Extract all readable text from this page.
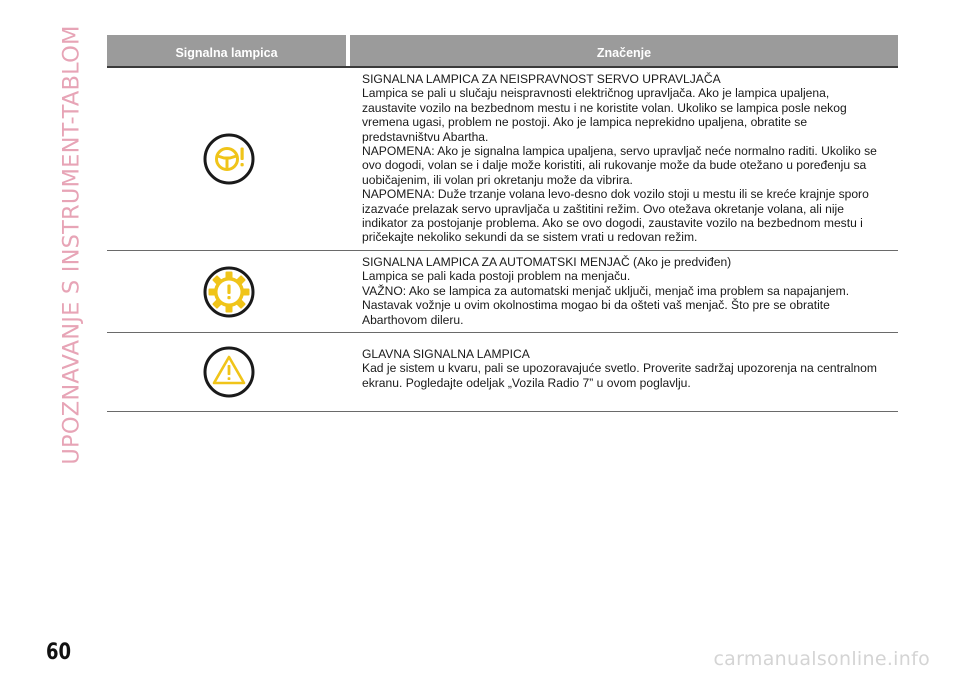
UPOZNAVANJE S INSTRUMENT-TABLOM	Signalna lampica	Značenje

SIGNALNA LAMPICA ZA NEISPRAVNOST SERVO UPRAVLJAČA

Lampica se pali u slučaju neispravnosti električnog upravljača. Ako je lampica upaljena,

zaustavite vozilo na bezbednom mestu i ne koristite volan. Ukoliko se lampica posle nekog

vremena ugasi, problem ne postoji. Ako je lampica neprekidno upaljena, obratite se

predstavništvu Abartha.

NAPOMENA: Ako je signalna lampica upaljena, servo upravljač neće normalno raditi. Ukoliko se

ovo dogodi, volan se i dalje može koristiti, ali rukovanje može da bude otežano u poređenju sa

uobičajenim, ili volan pri okretanju može da vibrira.

NAPOMENA: Duže trzanje volana levo-desno dok vozilo stoji u mestu ili se kreće krajnje sporo

izazvaće prelazak servo upravljača u zaštitini režim. Ovo otežava okretanje volana, ali nije

indikator za postojanje problema. Ako se ovo dogodi, zaustavite vozilo na bezbednom mestu i

pričekajte nekoliko sekundi da se sistem vrati u redovan režim.

SIGNALNA LAMPICA ZA AUTOMATSKI MENJAČ (Ako je predviđen)

Lampica se pali kada postoji problem na menjaču.

VAŽNO: Ako se lampica za automatski menjač uključi, menjač ima problem sa napajanjem.

Nastavak vožnje u ovim okolnostima mogao bi da ošteti vaš menjač. Što pre se obratite

Abarthovom dileru.

GLAVNA SIGNALNA LAMPICA

Kad je sistem u kvaru, pali se upozoravajuće svetlo. Proverite sadržaj upozorenja na centralnom

ekranu. Pogledajte odeljak „Vozila Radio 7” u ovom poglavlju.

60	carmanualsonline.info
